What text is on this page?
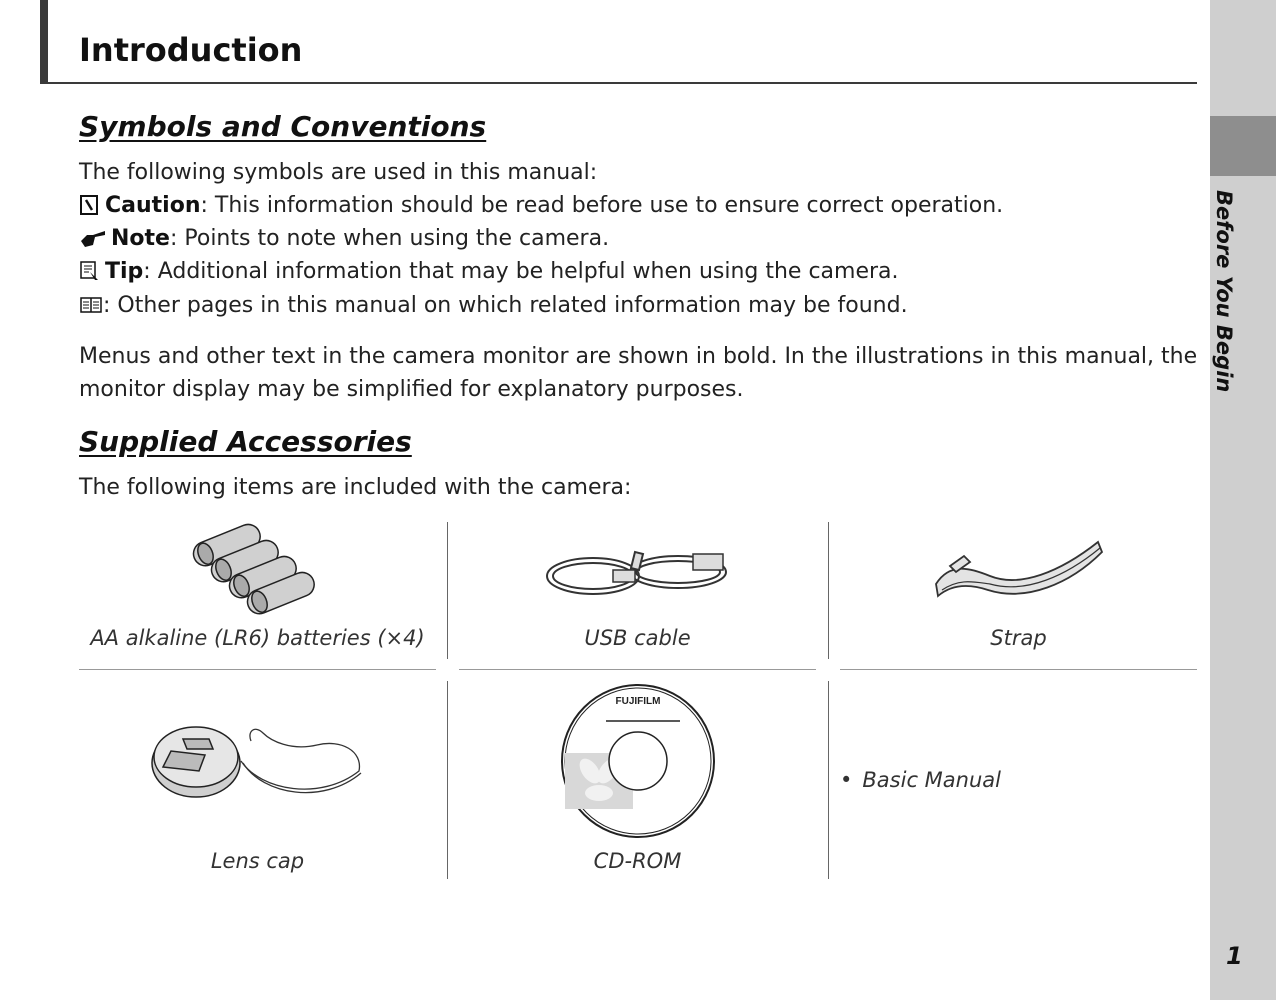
Before You Begin
1
Introduction
Symbols and Conventions

The following symbols are used in this manual:

Caution: This information should be read before use to ensure correct operation.
Note: Points to note when using the camera.
Tip: Additional information that may be helpful when using the camera.
: Other pages in this manual on which related information may be found.

Menus and other text in the camera monitor are shown in bold. In the illustrations in this manual, the monitor display may be simplified for explanatory purposes.

Supplied Accessories

The following items are included with the camera:

AA alkaline (LR6) batteries (×4)	USB cable	Strap
Lens cap
FUJIFILM
CD-ROM
• Basic Manual
